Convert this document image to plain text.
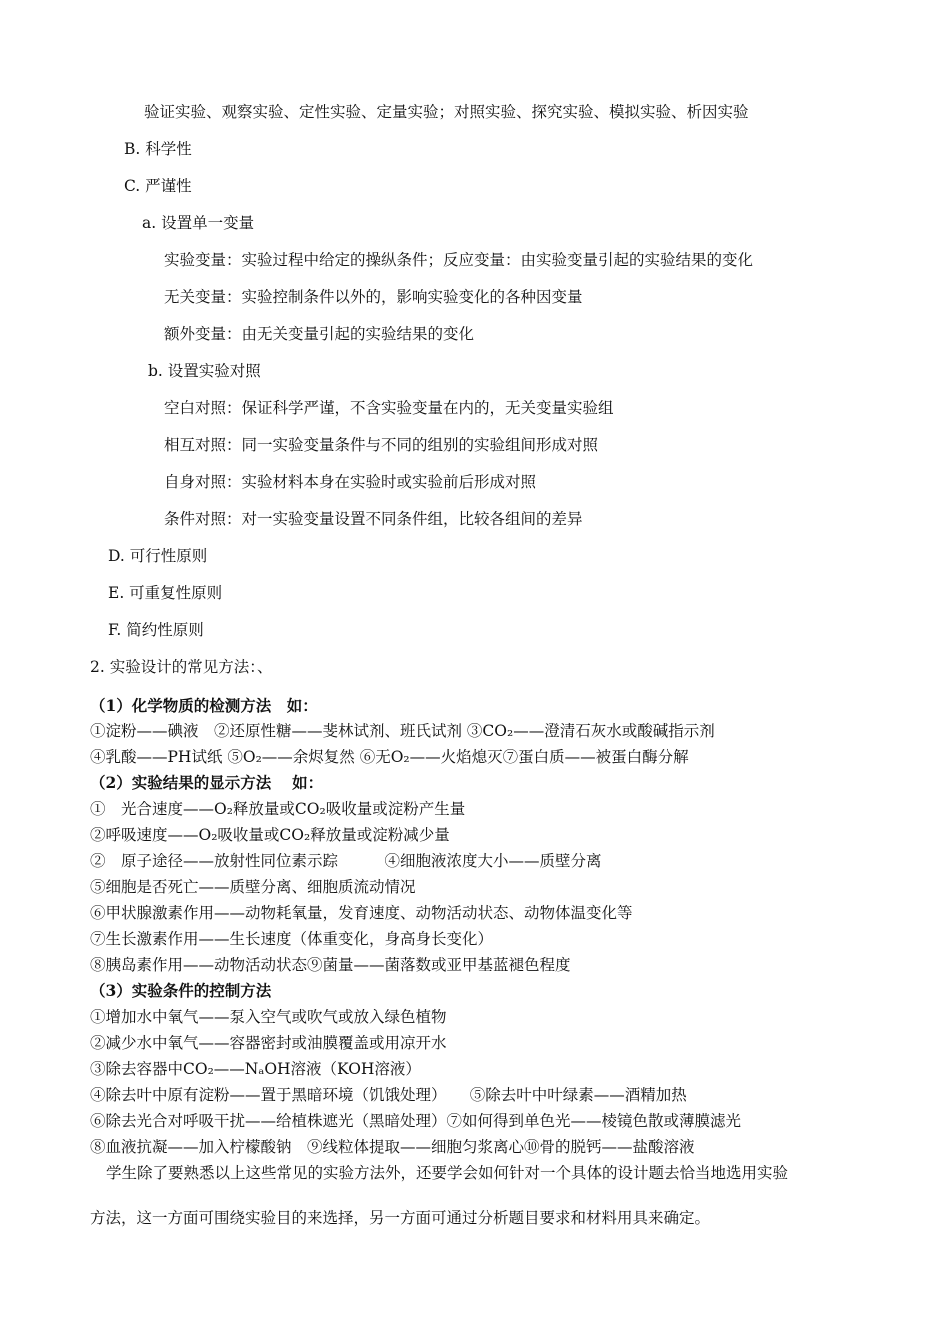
验证实验、观察实验、定性实验、定量实验；对照实验、探究实验、模拟实验、析因实验
B. 科学性
C. 严谨性
a. 设置单一变量
实验变量：实验过程中给定的操纵条件；反应变量：由实验变量引起的实验结果的变化
无关变量：实验控制条件以外的，影响实验变化的各种因变量
额外变量：由无关变量引起的实验结果的变化
b. 设置实验对照
空白对照：保证科学严谨，不含实验变量在内的，无关变量实验组
相互对照：同一实验变量条件与不同的组别的实验组间形成对照
自身对照：实验材料本身在实验时或实验前后形成对照
条件对照：对一实验变量设置不同条件组，比较各组间的差异
D. 可行性原则
E. 可重复性原则
F. 简约性原则
2. 实验设计的常见方法：、
（1）化学物质的检测方法　如：
①淀粉——碘液　②还原性糖——斐林试剂、班氏试剂 ③CO₂——澄清石灰水或酸碱指示剂
④乳酸——PH试纸 ⑤O₂——余烬复然 ⑥无O₂——火焰熄灭⑦蛋白质——被蛋白酶分解
（2）实验结果的显示方法　 如：
①　光合速度——O₂释放量或CO₂吸收量或淀粉产生量
②呼吸速度——O₂吸收量或CO₂释放量或淀粉减少量
②　原子途径——放射性同位素示踪　　　④细胞液浓度大小——质壁分离
⑤细胞是否死亡——质壁分离、细胞质流动情况
⑥甲状腺激素作用——动物耗氧量，发育速度、动物活动状态、动物体温变化等
⑦生长激素作用——生长速度（体重变化，身高身长变化）
⑧胰岛素作用——动物活动状态⑨菌量——菌落数或亚甲基蓝褪色程度
（3）实验条件的控制方法
①增加水中氧气——泵入空气或吹气或放入绿色植物
②减少水中氧气——容器密封或油膜覆盖或用凉开水
③除去容器中CO₂——NₐOH溶液（KOH溶液）
④除去叶中原有淀粉——置于黑暗环境（饥饿处理）　　⑤除去叶中叶绿素——酒精加热
⑥除去光合对呼吸干扰——给植株遮光（黑暗处理）⑦如何得到单色光——棱镜色散或薄膜滤光
⑧血液抗凝——加入柠檬酸钠　⑨线粒体提取——细胞匀浆离心⑩骨的脱钙——盐酸溶液
学生除了要熟悉以上这些常见的实验方法外，还要学会如何针对一个具体的设计题去恰当地选用实验
方法，这一方面可围绕实验目的来选择，另一方面可通过分析题目要求和材料用具来确定。
